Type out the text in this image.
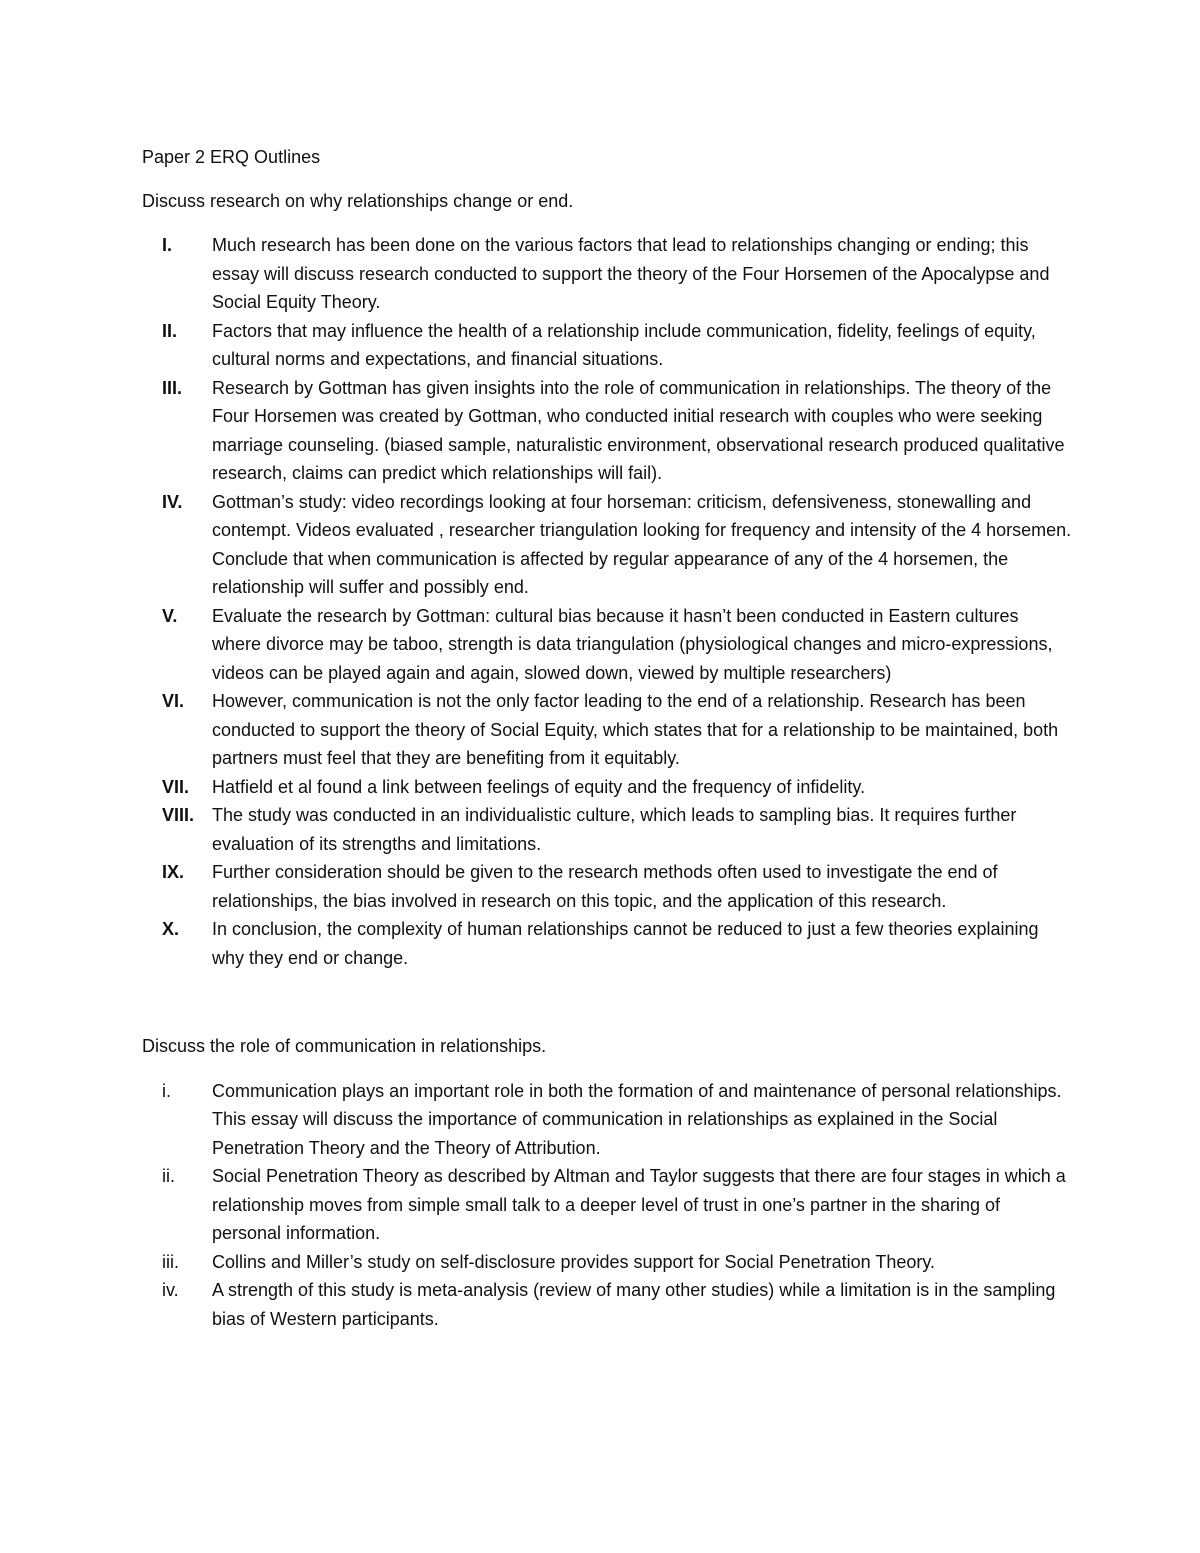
Paper 2 ERQ Outlines

Discuss research on why relationships change or end.

I.	Much research has been done on the various factors that lead to relationships changing or ending; this essay will discuss research conducted to support the theory of the Four Horsemen of the Apocalypse and Social Equity Theory.
II.	Factors that may influence the health of a relationship include communication, fidelity, feelings of equity, cultural norms and expectations, and financial situations.
III.	Research by Gottman has given insights into the role of communication in relationships. The theory of the Four Horsemen was created by Gottman, who conducted initial research with couples who were seeking marriage counseling. (biased sample, naturalistic environment, observational research produced qualitative research, claims can predict which relationships will fail).
IV.	Gottman’s study: video recordings looking at four horseman: criticism, defensiveness, stonewalling and contempt. Videos evaluated , researcher triangulation looking for frequency and intensity of the 4 horsemen. Conclude that when communication is affected by regular appearance of any of the 4 horsemen, the relationship will suffer and possibly end.
V.	Evaluate the research by Gottman: cultural bias because it hasn’t been conducted in Eastern cultures where divorce may be taboo, strength is data triangulation (physiological changes and micro-expressions, videos can be played again and again, slowed down, viewed by multiple researchers)
VI.	However, communication is not the only factor leading to the end of a relationship. Research has been conducted to support the theory of Social Equity, which states that for a relationship to be maintained, both partners must feel that they are benefiting from it equitably.
VII.	Hatfield et al found a link between feelings of equity and the frequency of infidelity.
VIII. The study was conducted in an individualistic culture, which leads to sampling bias. It requires further evaluation of its strengths and limitations.
IX.	Further consideration should be given to the research methods often used to investigate the end of relationships, the bias involved in research on this topic, and the application of this research.
X.	In conclusion, the complexity of human relationships cannot be reduced to just a few theories explaining why they end or change.

Discuss the role of communication in relationships.

i.	Communication plays an important role in both the formation of and maintenance of personal relationships. This essay will discuss the importance of communication in relationships as explained in the Social Penetration Theory and the Theory of Attribution.
ii.	Social Penetration Theory as described by Altman and Taylor suggests that there are four stages in which a relationship moves from simple small talk to a deeper level of trust in one’s partner in the sharing of personal information.
iii.	Collins and Miller’s study on self-disclosure provides support for Social Penetration Theory.
iv.	A strength of this study is meta-analysis (review of many other studies) while a limitation is in the sampling bias of Western participants.
